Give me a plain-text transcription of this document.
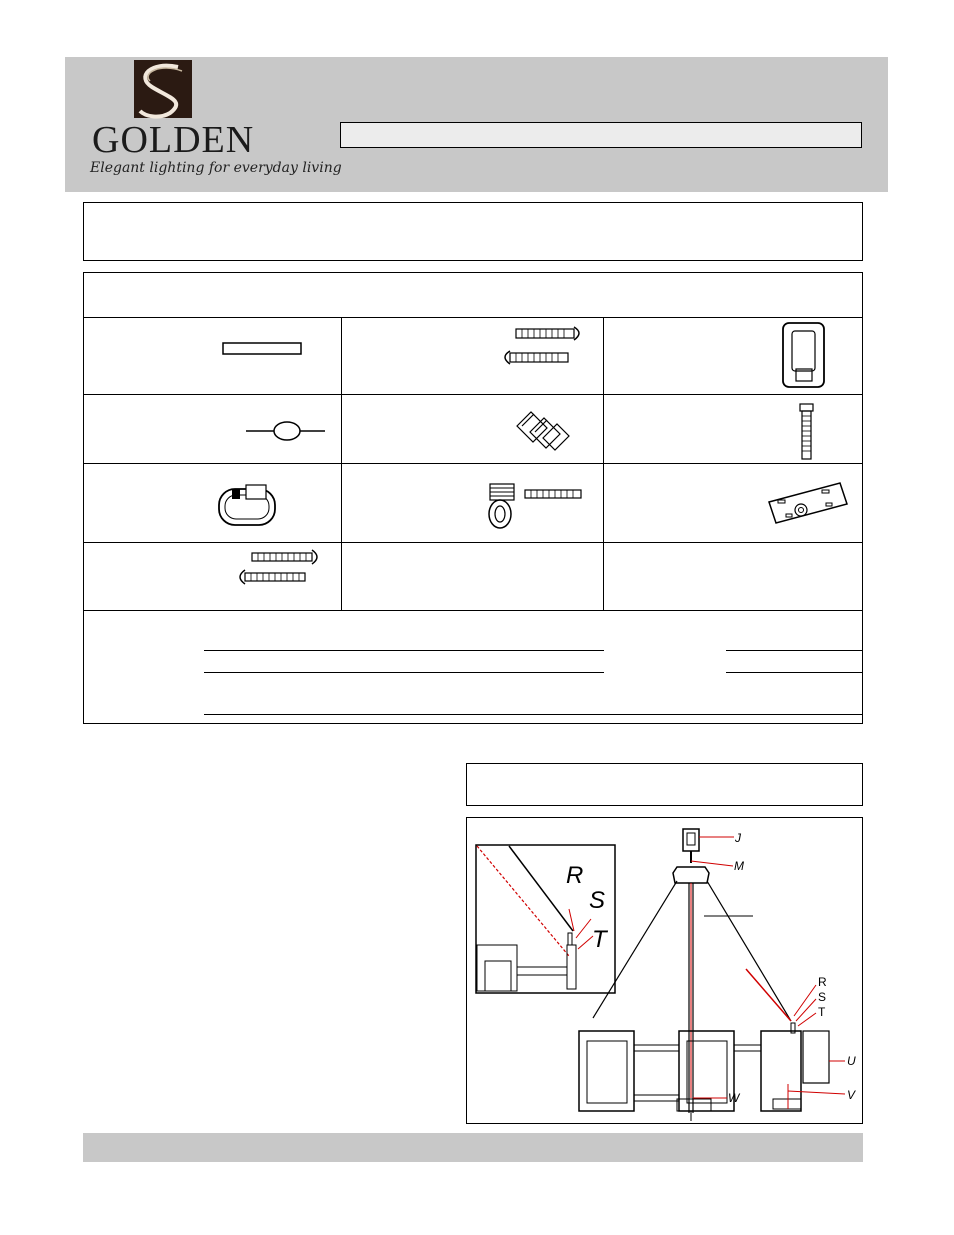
GOLDEN
Elegant lighting for everyday living
R
S
T
J
M
U
V
W
R
S
T
